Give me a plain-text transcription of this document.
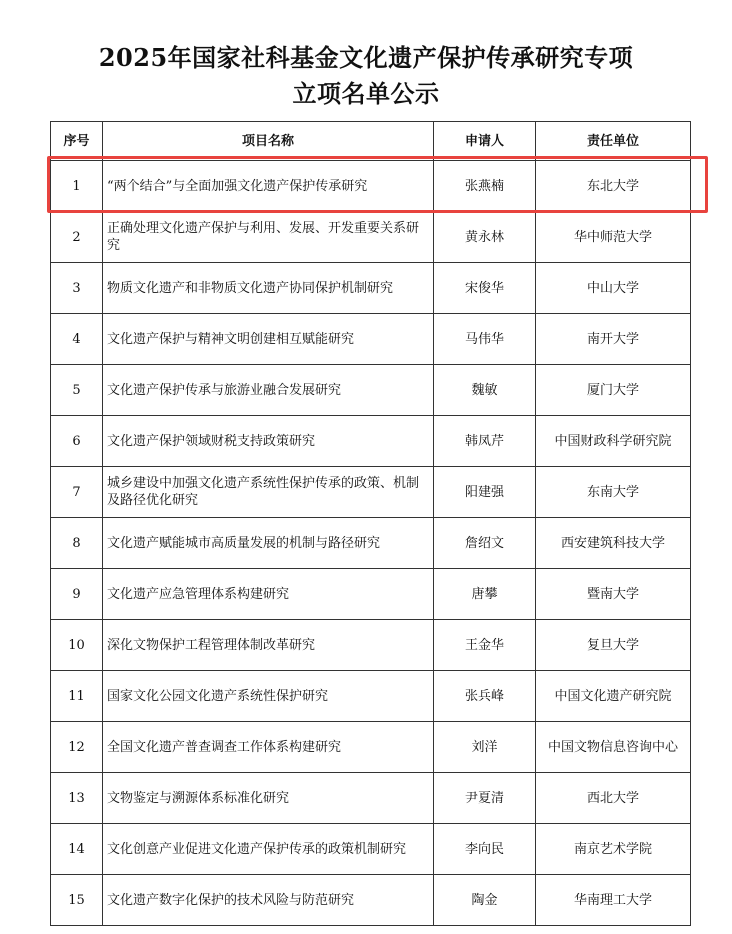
2025年国家社科基金文化遗产保护传承研究专项
立项名单公示
序号	项目名称	申请人	责任单位
1	“两个结合”与全面加强文化遗产保护传承研究	张燕楠	东北大学
2	正确处理文化遗产保护与利用、发展、开发重要关系研究	黄永林	华中师范大学
3	物质文化遗产和非物质文化遗产协同保护机制研究	宋俊华	中山大学
4	文化遗产保护与精神文明创建相互赋能研究	马伟华	南开大学
5	文化遗产保护传承与旅游业融合发展研究	魏敏	厦门大学
6	文化遗产保护领域财税支持政策研究	韩凤芹	中国财政科学研究院
7	城乡建设中加强文化遗产系统性保护传承的政策、机制及路径优化研究	阳建强	东南大学
8	文化遗产赋能城市高质量发展的机制与路径研究	詹绍文	西安建筑科技大学
9	文化遗产应急管理体系构建研究	唐攀	暨南大学
10	深化文物保护工程管理体制改革研究	王金华	复旦大学
11	国家文化公园文化遗产系统性保护研究	张兵峰	中国文化遗产研究院
12	全国文化遗产普查调查工作体系构建研究	刘洋	中国文物信息咨询中心
13	文物鉴定与溯源体系标准化研究	尹夏清	西北大学
14	文化创意产业促进文化遗产保护传承的政策机制研究	李向民	南京艺术学院
15	文化遗产数字化保护的技术风险与防范研究	陶金	华南理工大学
